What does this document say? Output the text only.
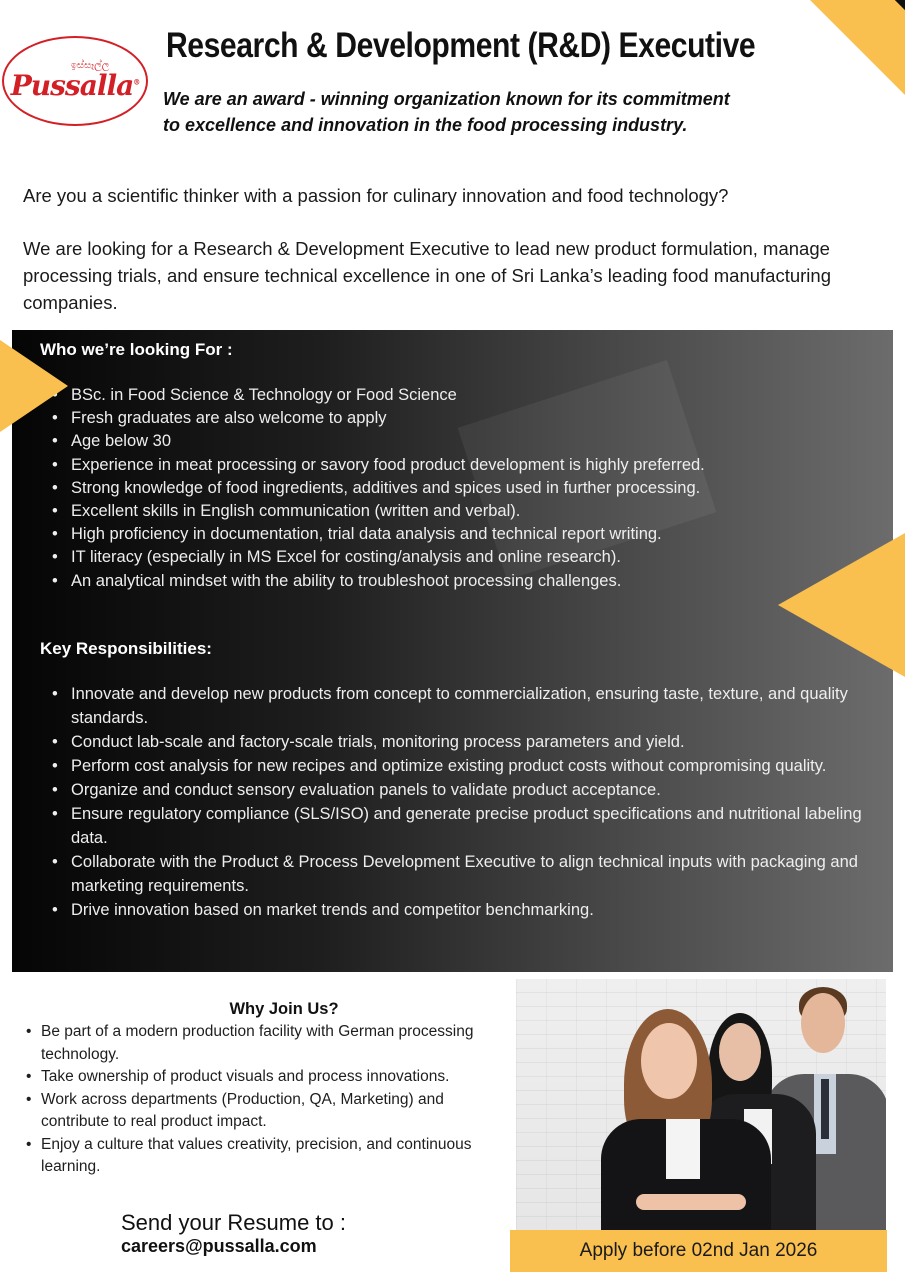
ඉස්සෑල්ල
Pussalla®
Research & Development (R&D) Executive
We are an award - winning organization known for its commitment
to excellence and innovation in the food processing industry.

Are you a scientific thinker with a passion for culinary innovation and food technology?

We are looking for a Research & Development Executive to lead new product formulation, manage processing trials, and ensure technical excellence in one of Sri Lanka’s leading food manufacturing companies.

Who we’re looking For :
• BSc. in Food Science & Technology or Food Science
• Fresh graduates are also welcome to apply
• Age below 30
• Experience in meat processing or savory food product development is highly preferred.
• Strong knowledge of food ingredients, additives and spices used in further processing.
• Excellent skills in English communication (written and verbal).
• High proficiency in documentation, trial data analysis and technical report writing.
• IT literacy (especially in MS Excel for costing/analysis and online research).
• An analytical mindset with the ability to troubleshoot processing challenges.
Key Responsibilities:
• Innovate and develop new products from concept to commercialization, ensuring taste, texture, and quality standards.
• Conduct lab-scale and factory-scale trials, monitoring process parameters and yield.
• Perform cost analysis for new recipes and optimize existing product costs without compromising quality.
• Organize and conduct sensory evaluation panels to validate product acceptance.
• Ensure regulatory compliance (SLS/ISO) and generate precise product specifications and nutritional labeling data.
• Collaborate with the Product & Process Development Executive to align technical inputs with packaging and marketing requirements.
• Drive innovation based on market trends and competitor benchmarking.
Why Join Us?
• Be part of a modern production facility with German processing technology.
• Take ownership of product visuals and process innovations.
• Work across departments (Production, QA, Marketing) and contribute to real product impact.
• Enjoy a culture that values creativity, precision, and continuous learning.
Send your Resume to :
careers@pussalla.com	Apply before 02nd Jan 2026
